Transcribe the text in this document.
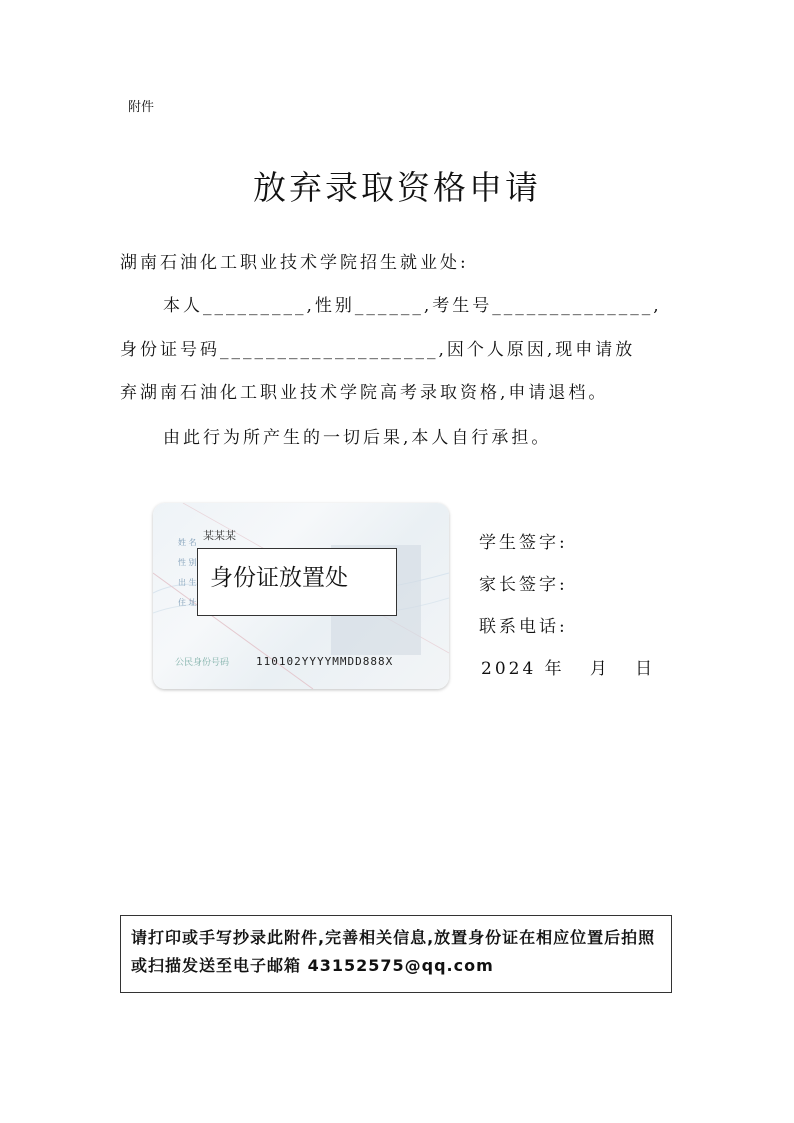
附件
放弃录取资格申请
湖南石油化工职业技术学院招生就业处:
本人_________,性别______,考生号______________,
身份证号码___________________,因个人原因,现申请放
弃湖南石油化工职业技术学院高考录取资格,申请退档。
由此行为所产生的一切后果,本人自行承担。
某某某
姓 名
性 别
出 生
住 址
公民身份号码 110102YYYYMMDD888X
身份证放置处
学生签字:
家长签字:
联系电话:
2024 年   月   日
请打印或手写抄录此附件,完善相关信息,放置身份证在相应位置后拍照或扫描发送至电子邮箱 43152575@qq.com
